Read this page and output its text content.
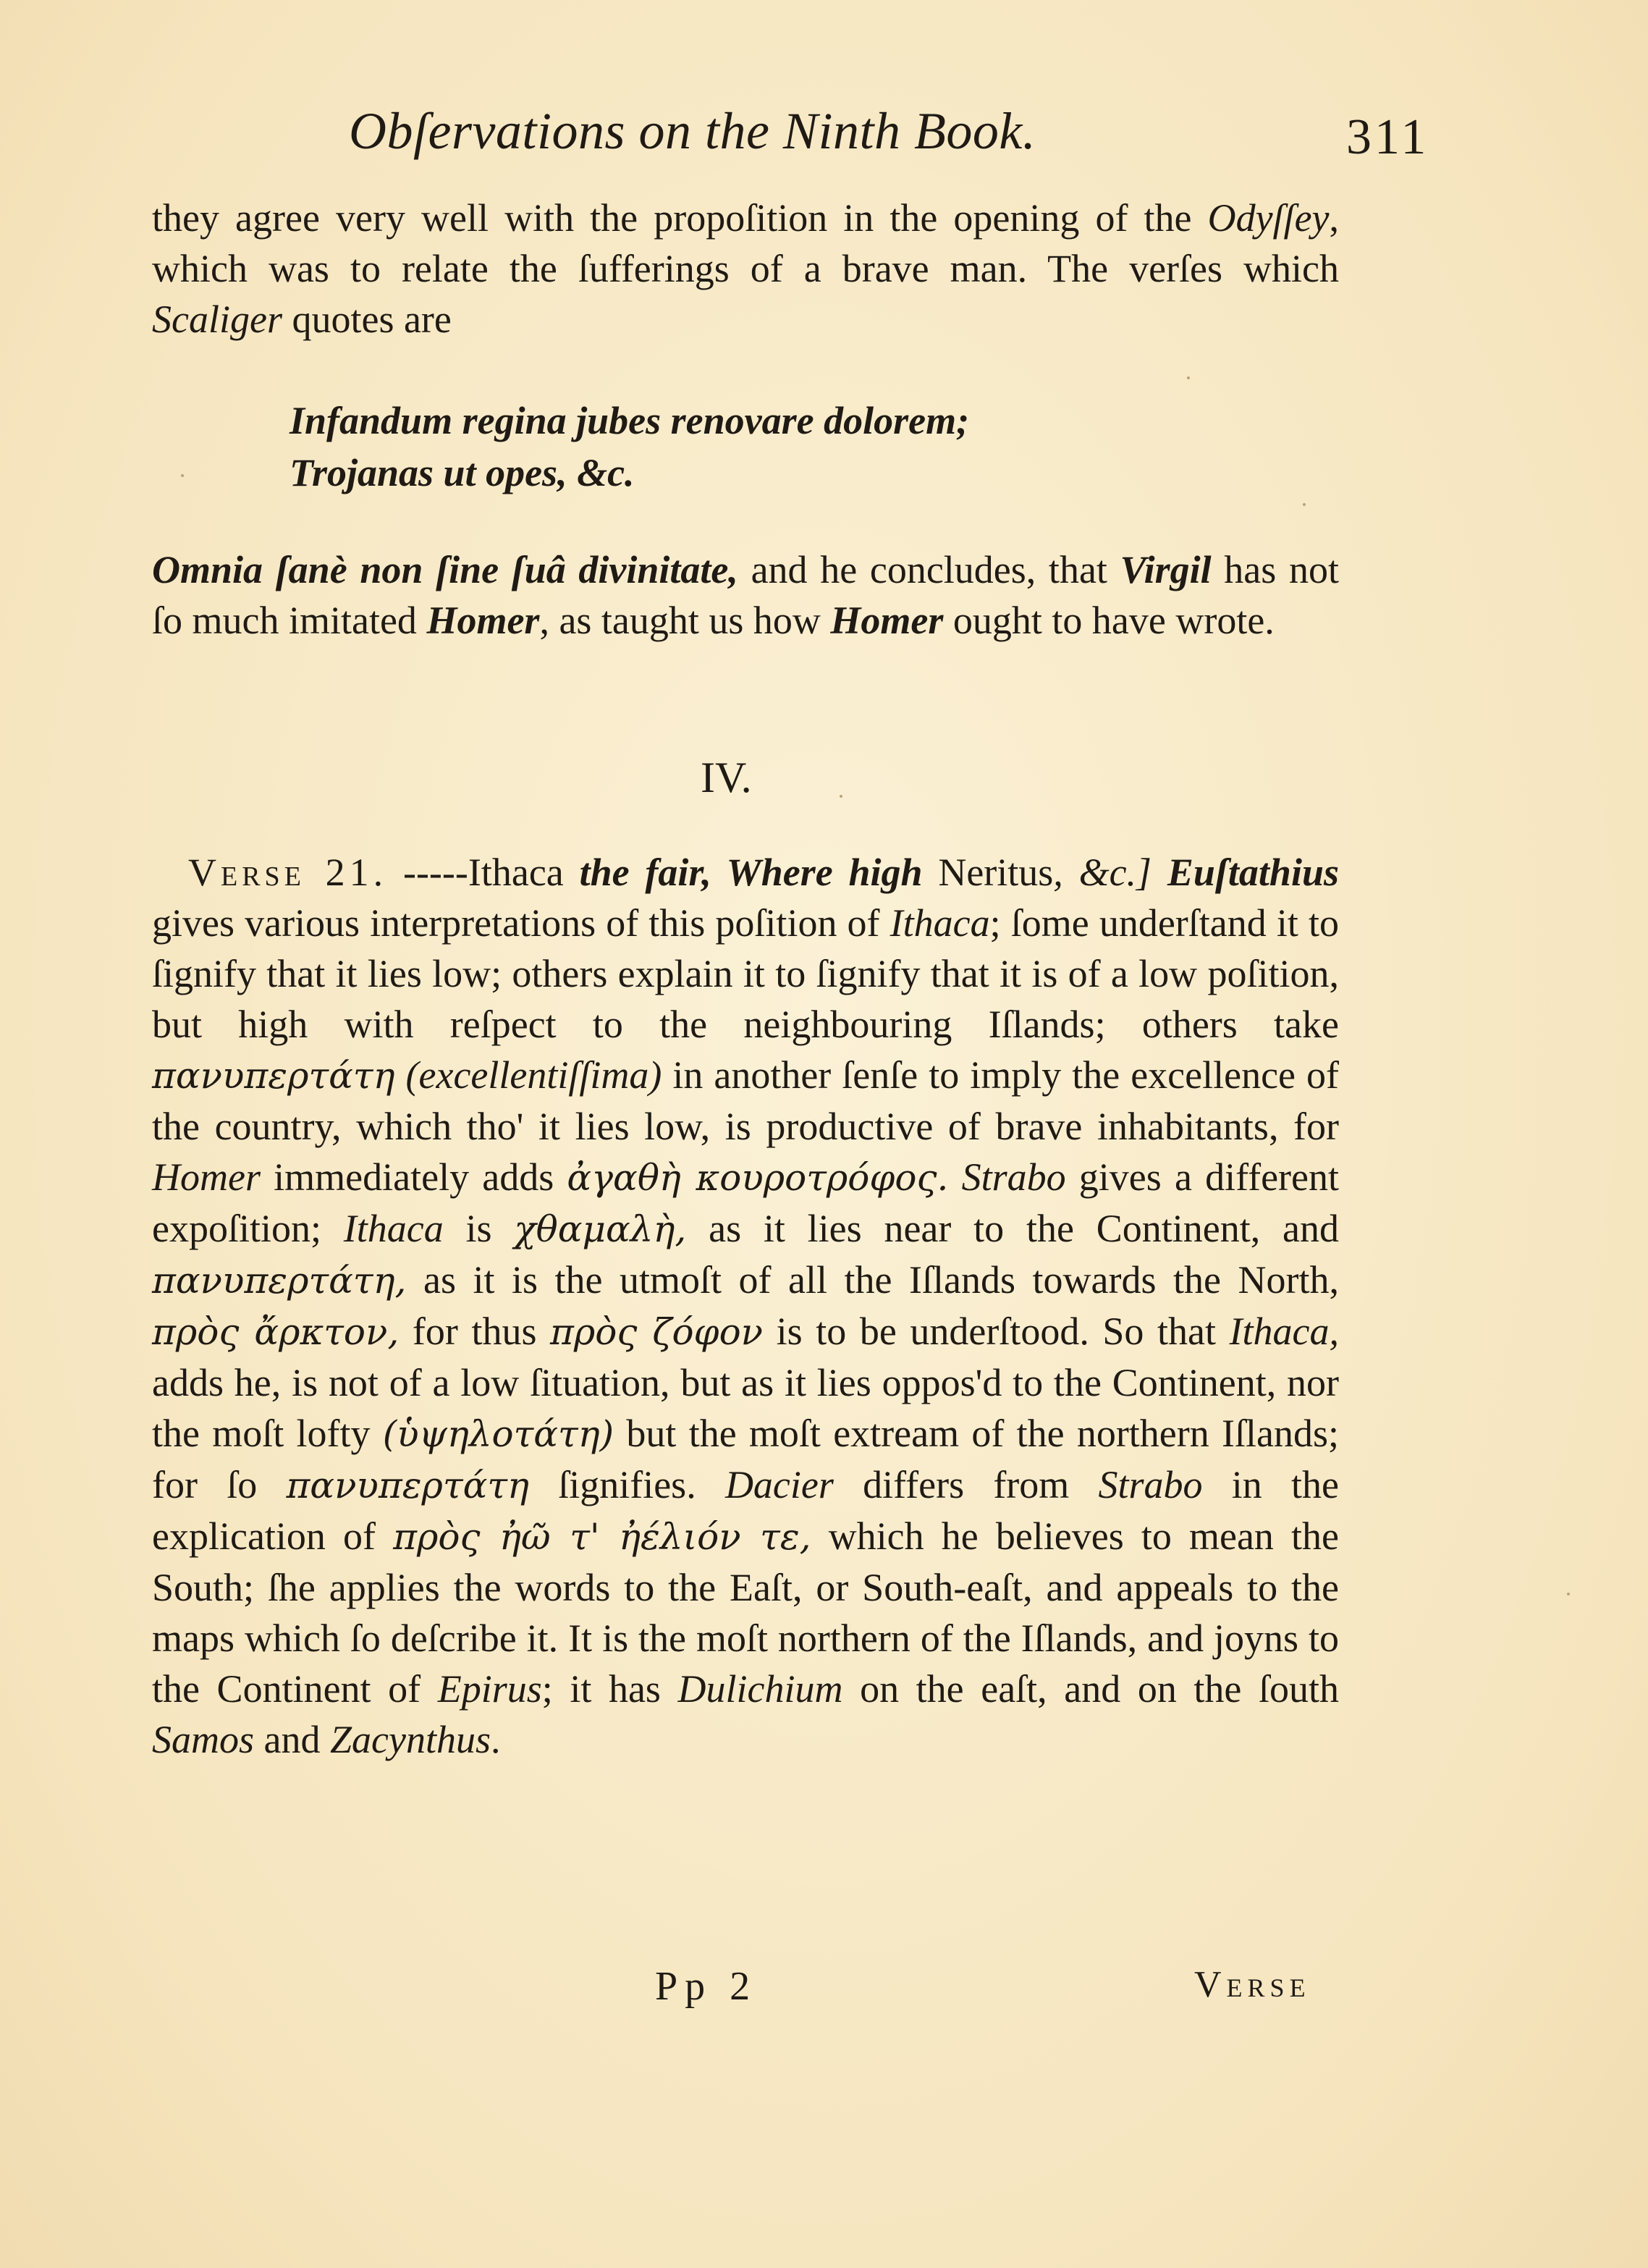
Obſervations on the Ninth Book.	311

they agree very well with the propoſition in the opening of the Odyſſey, which was to relate the ſufferings of a brave man. The verſes which Scaliger quotes are

Infandum regina jubes renovare dolorem;
Trojanas ut opes, &c.

Omnia ſanè non ſine ſuâ divinitate, and he concludes, that Virgil has not ſo much imitated Homer, as taught us how Homer ought to have wrote.

IV.

Verse 21. -----Ithaca the fair, Where high Neritus, &c.] Euſtathius gives various interpretations of this poſition of Ithaca; ſome underſtand it to ſignify that it lies low; others explain it to ſignify that it is of a low poſition, but high with reſpect to the neighbouring Iſlands; others take πανυπερτάτη (excellentiſſima) in another ſenſe to imply the excellence of the country, which tho' it lies low, is productive of brave inhabitants, for Homer immediately adds ἀγαθὴ κουροτρόφος. Strabo gives a different expoſition; Ithaca is χθαμαλὴ, as it lies near to the Continent, and πανυπερτάτη, as it is the utmoſt of all the Iſlands towards the North, πρὸς ἄρκτον, for thus πρὸς ζόφον is to be underſtood. So that Ithaca, adds he, is not of a low ſituation, but as it lies oppos'd to the Continent, nor the moſt lofty (ὑψηλοτάτη) but the moſt extream of the northern Iſlands; for ſo πανυπερτάτη ſignifies. Dacier differs from Strabo in the explication of πρὸς ἠῶ τ' ἠέλιόν τε, which he believes to mean the South; ſhe applies the words to the Eaſt, or South-eaſt, and appeals to the maps which ſo deſcribe it. It is the moſt northern of the Iſlands, and joyns to the Continent of Epirus; it has Dulichium on the eaſt, and on the ſouth Samos and Zacynthus.

Pp 2	Verse
